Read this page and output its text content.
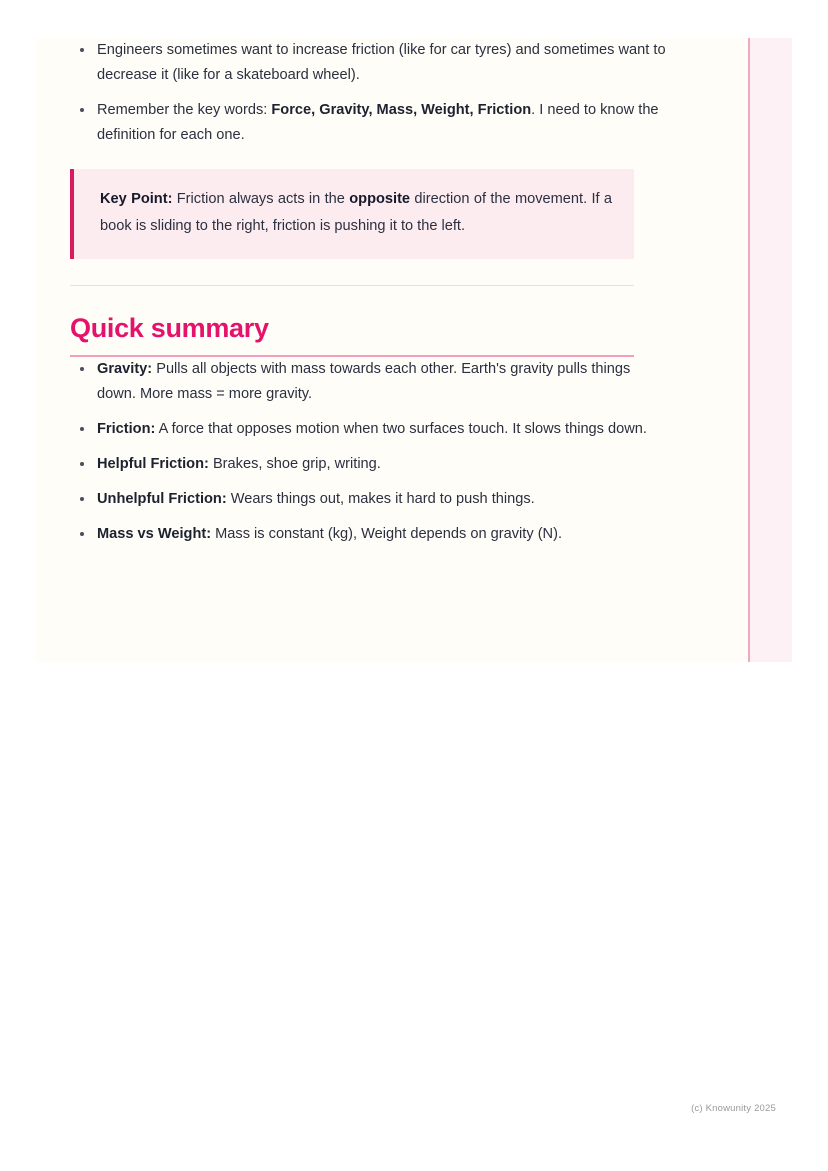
Engineers sometimes want to increase friction (like for car tyres) and sometimes want to decrease it (like for a skateboard wheel).
Remember the key words: Force, Gravity, Mass, Weight, Friction. I need to know the definition for each one.
Key Point: Friction always acts in the opposite direction of the movement. If a book is sliding to the right, friction is pushing it to the left.
Quick summary
Gravity: Pulls all objects with mass towards each other. Earth's gravity pulls things down. More mass = more gravity.
Friction: A force that opposes motion when two surfaces touch. It slows things down.
Helpful Friction: Brakes, shoe grip, writing.
Unhelpful Friction: Wears things out, makes it hard to push things.
Mass vs Weight: Mass is constant (kg), Weight depends on gravity (N).
(c) Knowunity 2025
